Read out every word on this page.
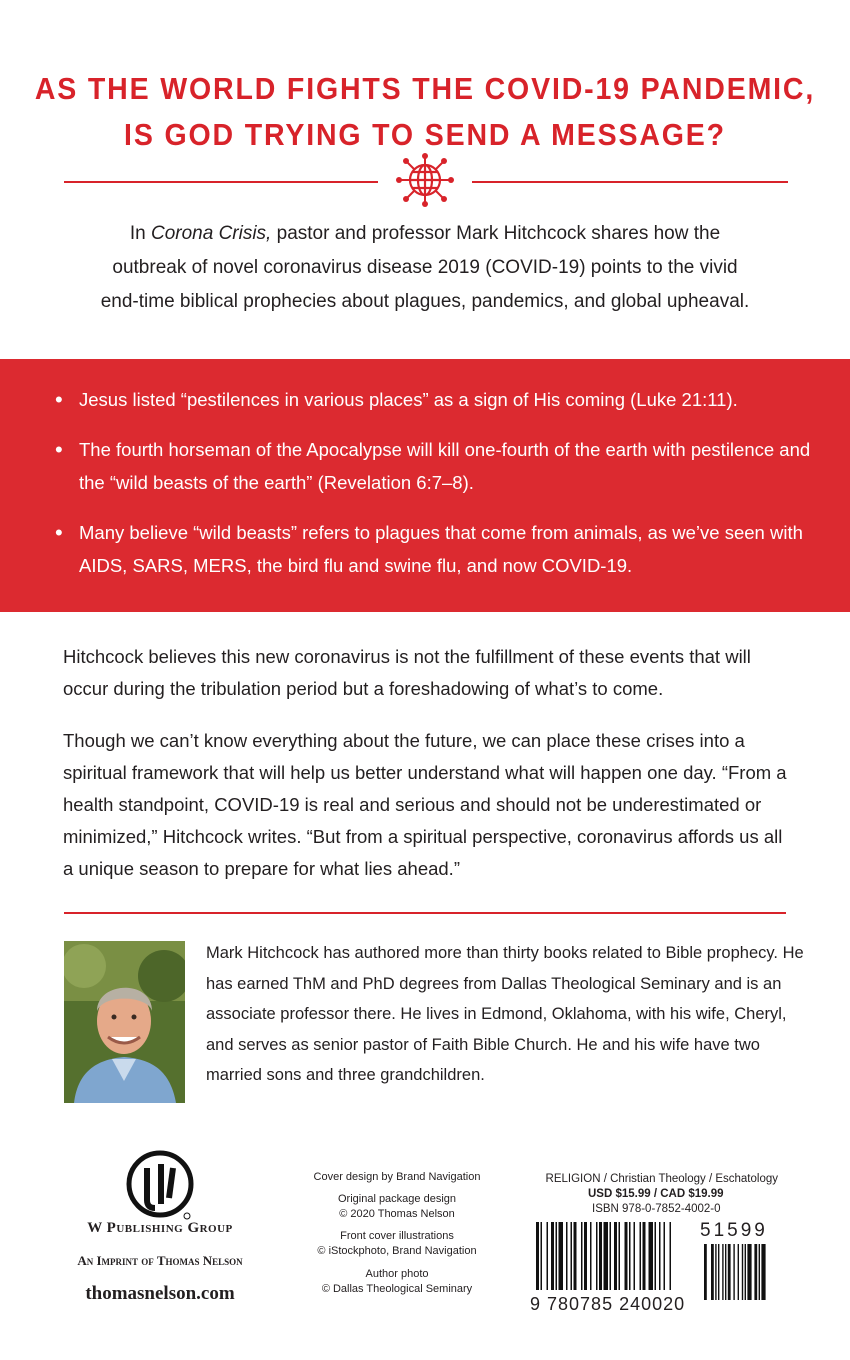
AS THE WORLD FIGHTS THE COVID-19 PANDEMIC,
IS GOD TRYING TO SEND A MESSAGE?
In Corona Crisis, pastor and professor Mark Hitchcock shares how the outbreak of novel coronavirus disease 2019 (COVID-19) points to the vivid end-time biblical prophecies about plagues, pandemics, and global upheaval.
• Jesus listed “pestilences in various places” as a sign of His coming (Luke 21:11).
• The fourth horseman of the Apocalypse will kill one-fourth of the earth with pestilence and the “wild beasts of the earth” (Revelation 6:7–8).
• Many believe “wild beasts” refers to plagues that come from animals, as we’ve seen with AIDS, SARS, MERS, the bird flu and swine flu, and now COVID-19.
Hitchcock believes this new coronavirus is not the fulfillment of these events that will occur during the tribulation period but a foreshadowing of what’s to come.
Though we can’t know everything about the future, we can place these crises into a spiritual framework that will help us better understand what will happen one day. “From a health standpoint, COVID-19 is real and serious and should not be underestimated or minimized,” Hitchcock writes. “But from a spiritual perspective, coronavirus affords us all a unique season to prepare for what lies ahead.”
Mark Hitchcock has authored more than thirty books related to Bible prophecy. He has earned ThM and PhD degrees from Dallas Theological Seminary and is an associate professor there. He lives in Edmond, Oklahoma, with his wife, Cheryl, and serves as senior pastor of Faith Bible Church. He and his wife have two married sons and three grandchildren.
W Publishing Group
An Imprint of Thomas Nelson
thomasnelson.com
Cover design by Brand Navigation
Original package design
© 2020 Thomas Nelson
Front cover illustrations
© iStockphoto, Brand Navigation
Author photo
© Dallas Theological Seminary
RELIGION / Christian Theology / Eschatology
USD $15.99 / CAD $19.99
ISBN 978-0-7852-4002-0
51599
9 780785 240020
